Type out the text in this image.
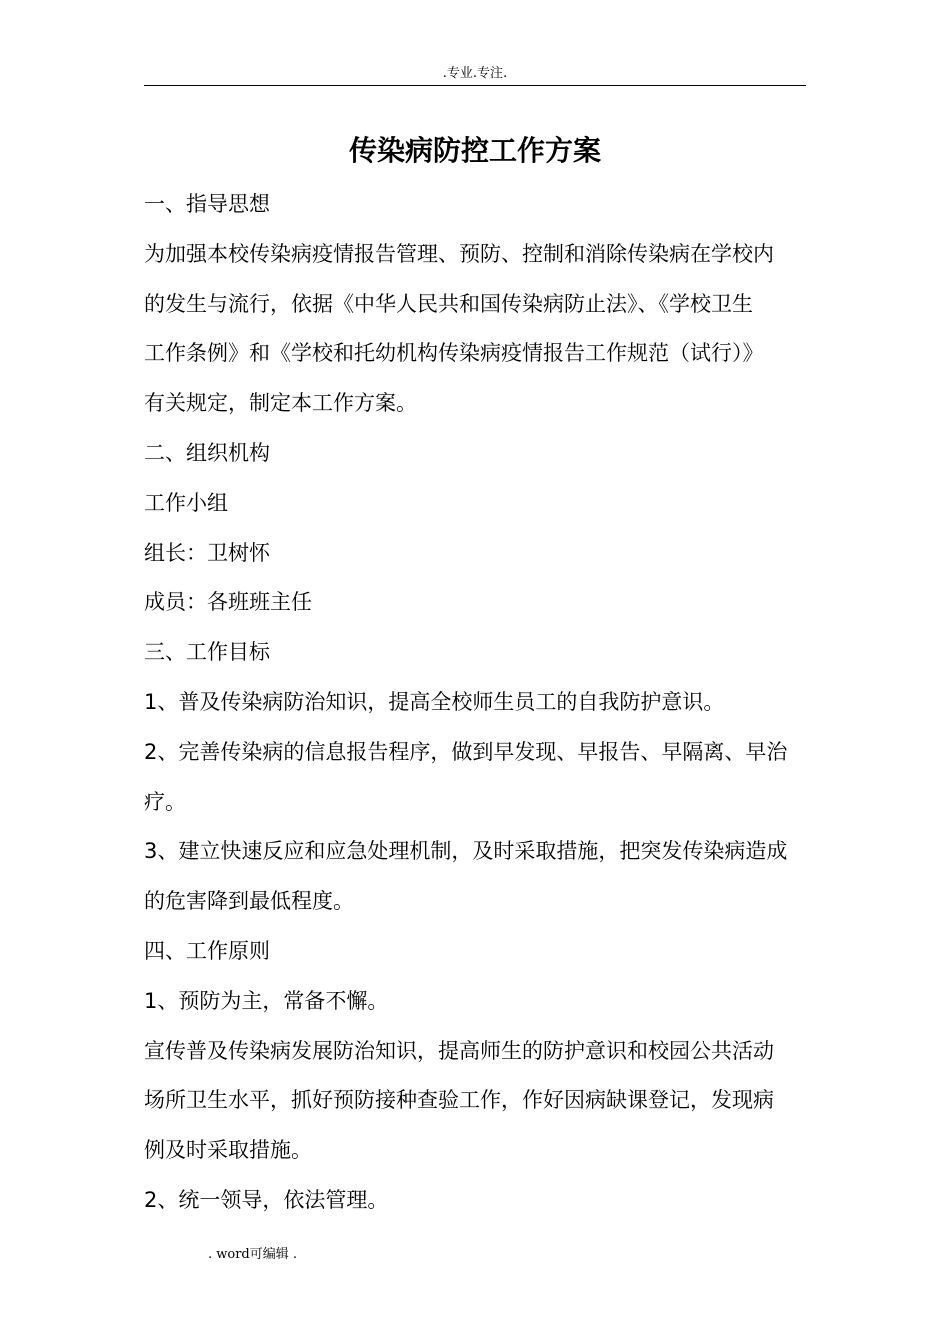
.专业.专注.
传染病防控工作方案

一、指导思想

为加强本校传染病疫情报告管理、预防、控制和消除传染病在学校内

的发生与流行，依据《中华人民共和国传染病防止法》、《学校卫生

工作条例》和《学校和托幼机构传染病疫情报告工作规范（试行）》

有关规定，制定本工作方案。

二、组织机构

工作小组

组长：卫树怀

成员：各班班主任

三、工作目标

1、普及传染病防治知识，提高全校师生员工的自我防护意识。

2、完善传染病的信息报告程序，做到早发现、早报告、早隔离、早治

疗。

3、建立快速反应和应急处理机制，及时采取措施，把突发传染病造成

的危害降到最低程度。

四、工作原则

1、预防为主，常备不懈。

宣传普及传染病发展防治知识，提高师生的防护意识和校园公共活动

场所卫生水平，抓好预防接种查验工作，作好因病缺课登记，发现病

例及时采取措施。

2、统一领导，依法管理。

. word可编辑 .
